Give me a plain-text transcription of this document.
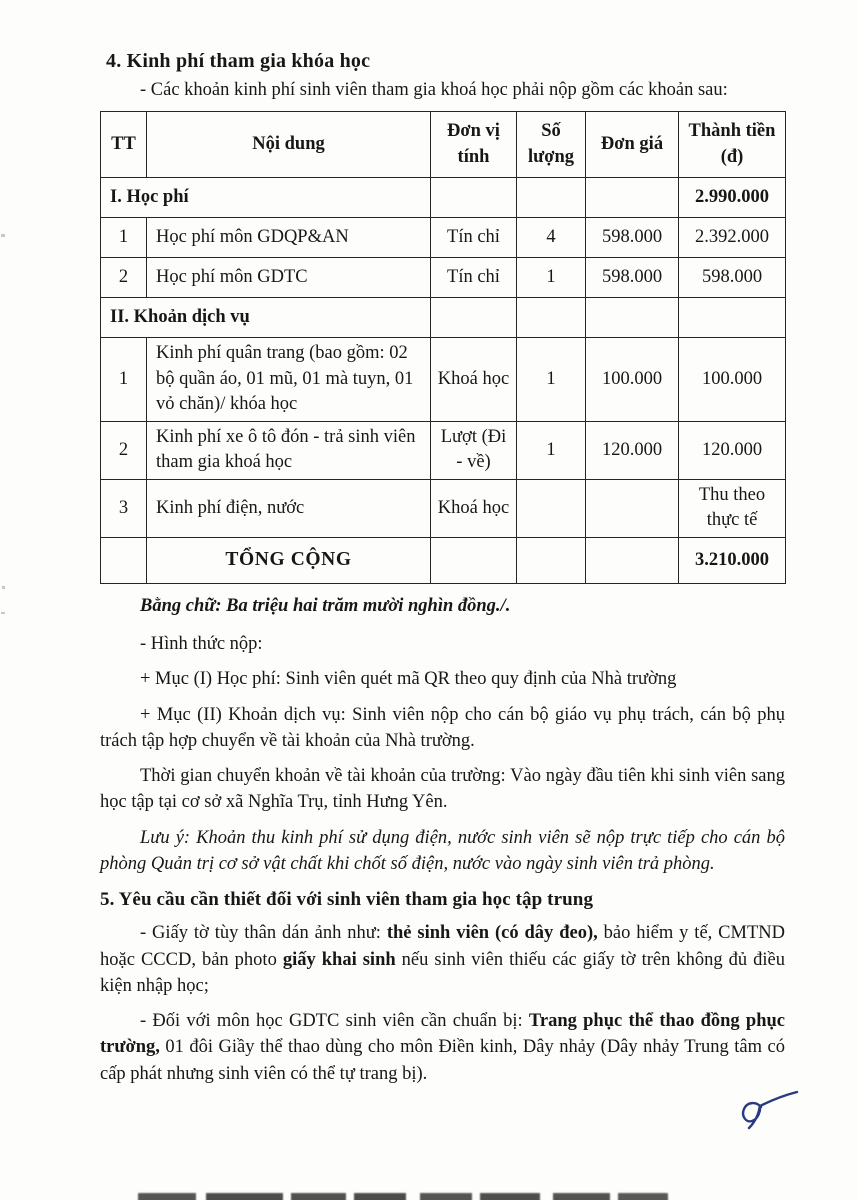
4. Kinh phí tham gia khóa học

- Các khoản kinh phí sinh viên tham gia khoá học phải nộp gồm các khoản sau:

TT	Nội dung	Đơn vị tính	Số lượng	Đơn giá	Thành tiền (đ)
I. Học phí					2.990.000
1	Học phí môn GDQP&AN	Tín chỉ	4	598.000	2.392.000
2	Học phí môn GDTC	Tín chỉ	1	598.000	598.000
II. Khoản dịch vụ					
1	Kinh phí quân trang (bao gồm: 02 bộ quần áo, 01 mũ, 01 mà tuyn, 01 vỏ chăn)/ khóa học	Khoá học	1	100.000	100.000
2	Kinh phí xe ô tô đón - trả sinh viên tham gia khoá học	Lượt (Đi - về)	1	120.000	120.000
3	Kinh phí điện, nước	Khoá học			Thu theo thực tế
	TỔNG CỘNG				3.210.000

Bằng chữ: Ba triệu hai trăm mười nghìn đồng./.

- Hình thức nộp:

+ Mục (I) Học phí: Sinh viên quét mã QR theo quy định của Nhà trường

+ Mục (II) Khoản dịch vụ: Sinh viên nộp cho cán bộ giáo vụ phụ trách, cán bộ phụ trách tập hợp chuyển về tài khoản của Nhà trường.

Thời gian chuyển khoản về tài khoản của trường: Vào ngày đầu tiên khi sinh viên sang học tập tại cơ sở xã Nghĩa Trụ, tỉnh Hưng Yên.

Lưu ý: Khoản thu kinh phí sử dụng điện, nước sinh viên sẽ nộp trực tiếp cho cán bộ phòng Quản trị cơ sở vật chất khi chốt số điện, nước vào ngày sinh viên trả phòng.

5. Yêu cầu cần thiết đối với sinh viên tham gia học tập trung

- Giấy tờ tùy thân dán ảnh như: thẻ sinh viên (có dây đeo), bảo hiểm y tế, CMTND hoặc CCCD, bản photo giấy khai sinh nếu sinh viên thiếu các giấy tờ trên không đủ điều kiện nhập học;

- Đối với môn học GDTC sinh viên cần chuẩn bị: Trang phục thể thao đồng phục trường, 01 đôi Giầy thể thao dùng cho môn Điền kinh, Dây nhảy (Dây nhảy Trung tâm có cấp phát nhưng sinh viên có thể tự trang bị).
